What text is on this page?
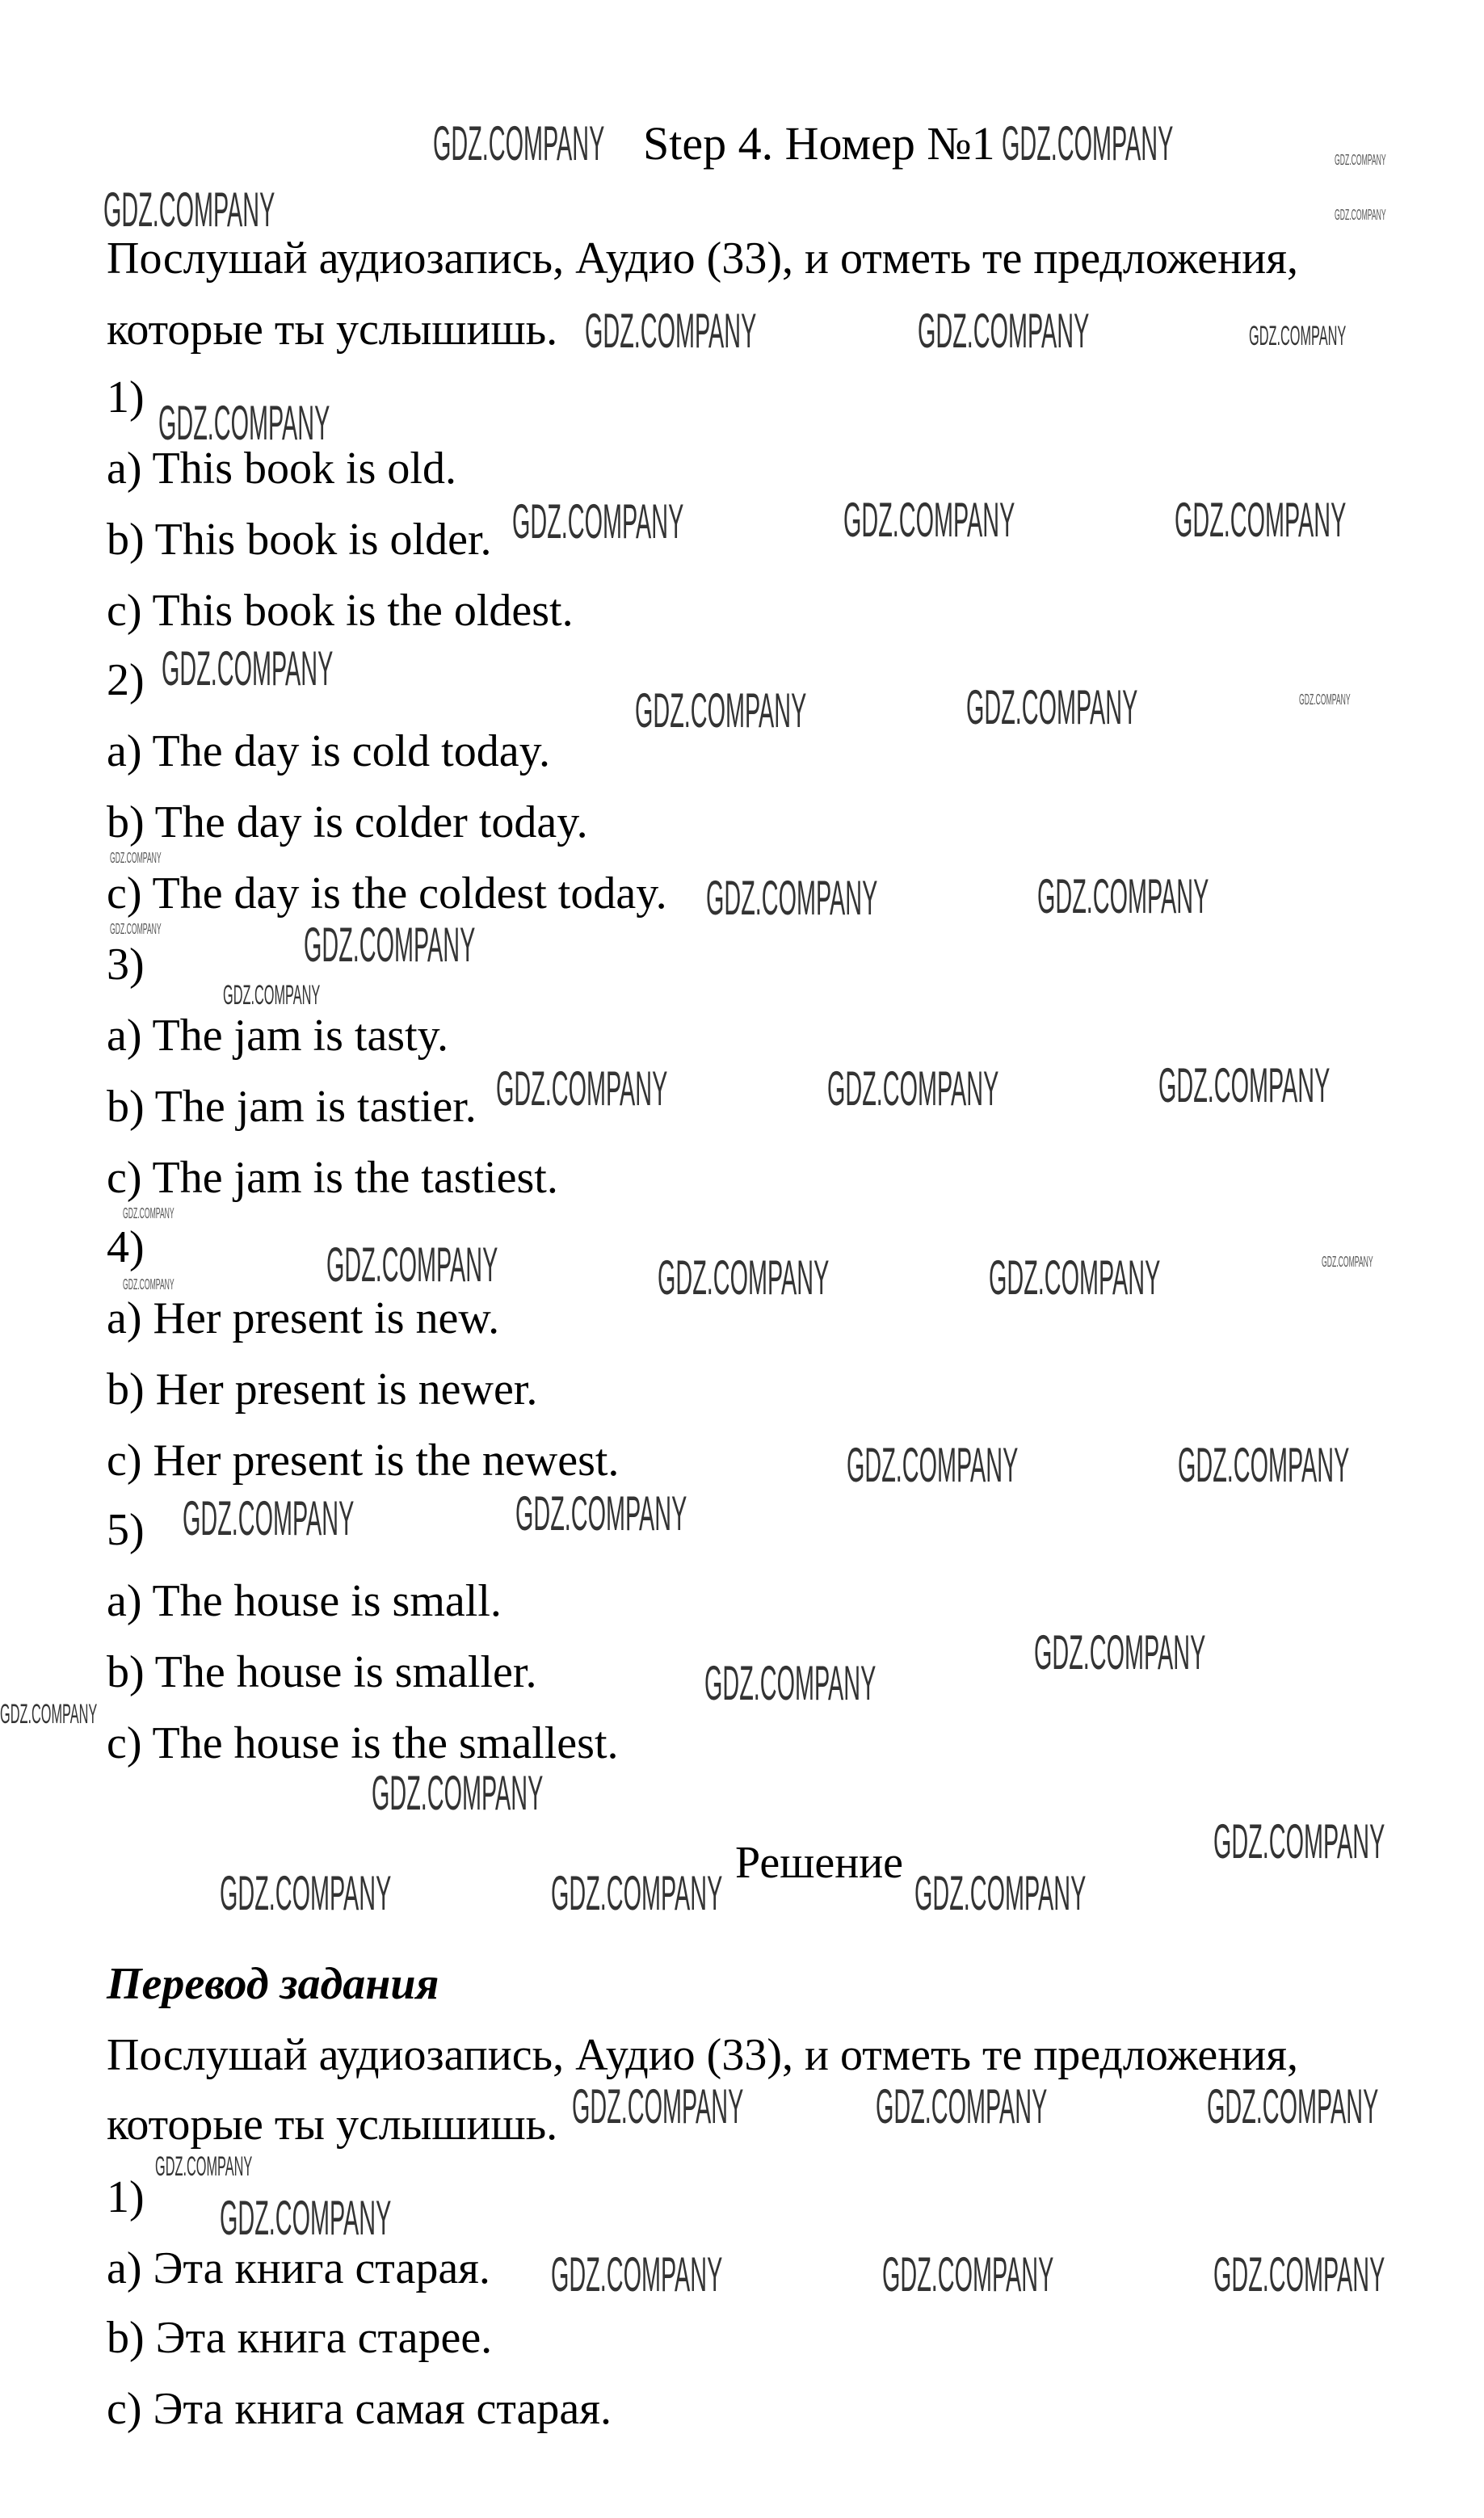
Step 4. Номер №1
Послушай аудиозапись, Аудио (33), и отметь те предложения,
которые ты услышишь.
1)
a) This book is old.
b) This book is older.
c) This book is the oldest.
2)
a) The day is cold today.
b) The day is colder today.
c) The day is the coldest today.
3)
a) The jam is tasty.
b) The jam is tastier.
c) The jam is the tastiest.
4)
a) Her present is new.
b) Her present is newer.
c) Her present is the newest.
5)
a) The house is small.
b) The house is smaller.
c) The house is the smallest.
Решение
Перевод задания
Послушай аудиозапись, Аудио (33), и отметь те предложения,
которые ты услышишь.
1)
a) Эта книга старая.
b) Эта книга старее.
c) Эта книга самая старая.
GDZ.COMPANY	GDZ.COMPANY	GDZ.COMPANY
GDZ.COMPANY	GDZ.COMPANY
GDZ.COMPANY	GDZ.COMPANY	GDZ.COMPANY
GDZ.COMPANY
GDZ.COMPANY	GDZ.COMPANY	GDZ.COMPANY
GDZ.COMPANY
GDZ.COMPANY	GDZ.COMPANY	GDZ.COMPANY
GDZ.COMPANY
GDZ.COMPANY
GDZ.COMPANY	GDZ.COMPANY
GDZ.COMPANY
GDZ.COMPANY
GDZ.COMPANY	GDZ.COMPANY	GDZ.COMPANY
GDZ.COMPANY
GDZ.COMPANY	GDZ.COMPANY	GDZ.COMPANY	GDZ.COMPANY	GDZ.COMPANY
GDZ.COMPANY	GDZ.COMPANY
GDZ.COMPANY
GDZ.COMPANY
GDZ.COMPANY
GDZ.COMPANY
GDZ.COMPANY
GDZ.COMPANY
GDZ.COMPANY
GDZ.COMPANY	GDZ.COMPANY	GDZ.COMPANY
GDZ.COMPANY
GDZ.COMPANY	GDZ.COMPANY	GDZ.COMPANY
GDZ.COMPANY	GDZ.COMPANY	GDZ.COMPANY
GDZ.COMPANY
